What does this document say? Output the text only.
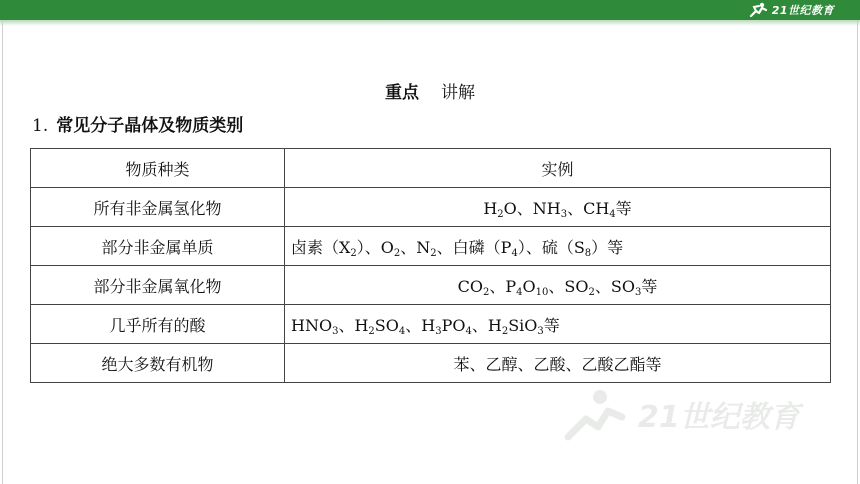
21世纪教育
重点 讲解
1. 常见分子晶体及物质类别
物质种类	实例
所有非金属氢化物	$H_2O$、$NH_3$、$CH_4$等
部分非金属单质	卤素$(X_2)$、$O_2$、$N_2$、白磷$(P_4)$、硫$(S_8)$等
部分非金属氧化物	$CO_2$、$P_4O_{10}$、$SO_2$、$SO_3$等
几乎所有的酸	$HNO_3$、$H_2SO_4$、$H_3PO_4$、$H_2SiO_3$等
绝大多数有机物	苯、乙醇、乙酸、乙酸乙酯等
21世纪教育
